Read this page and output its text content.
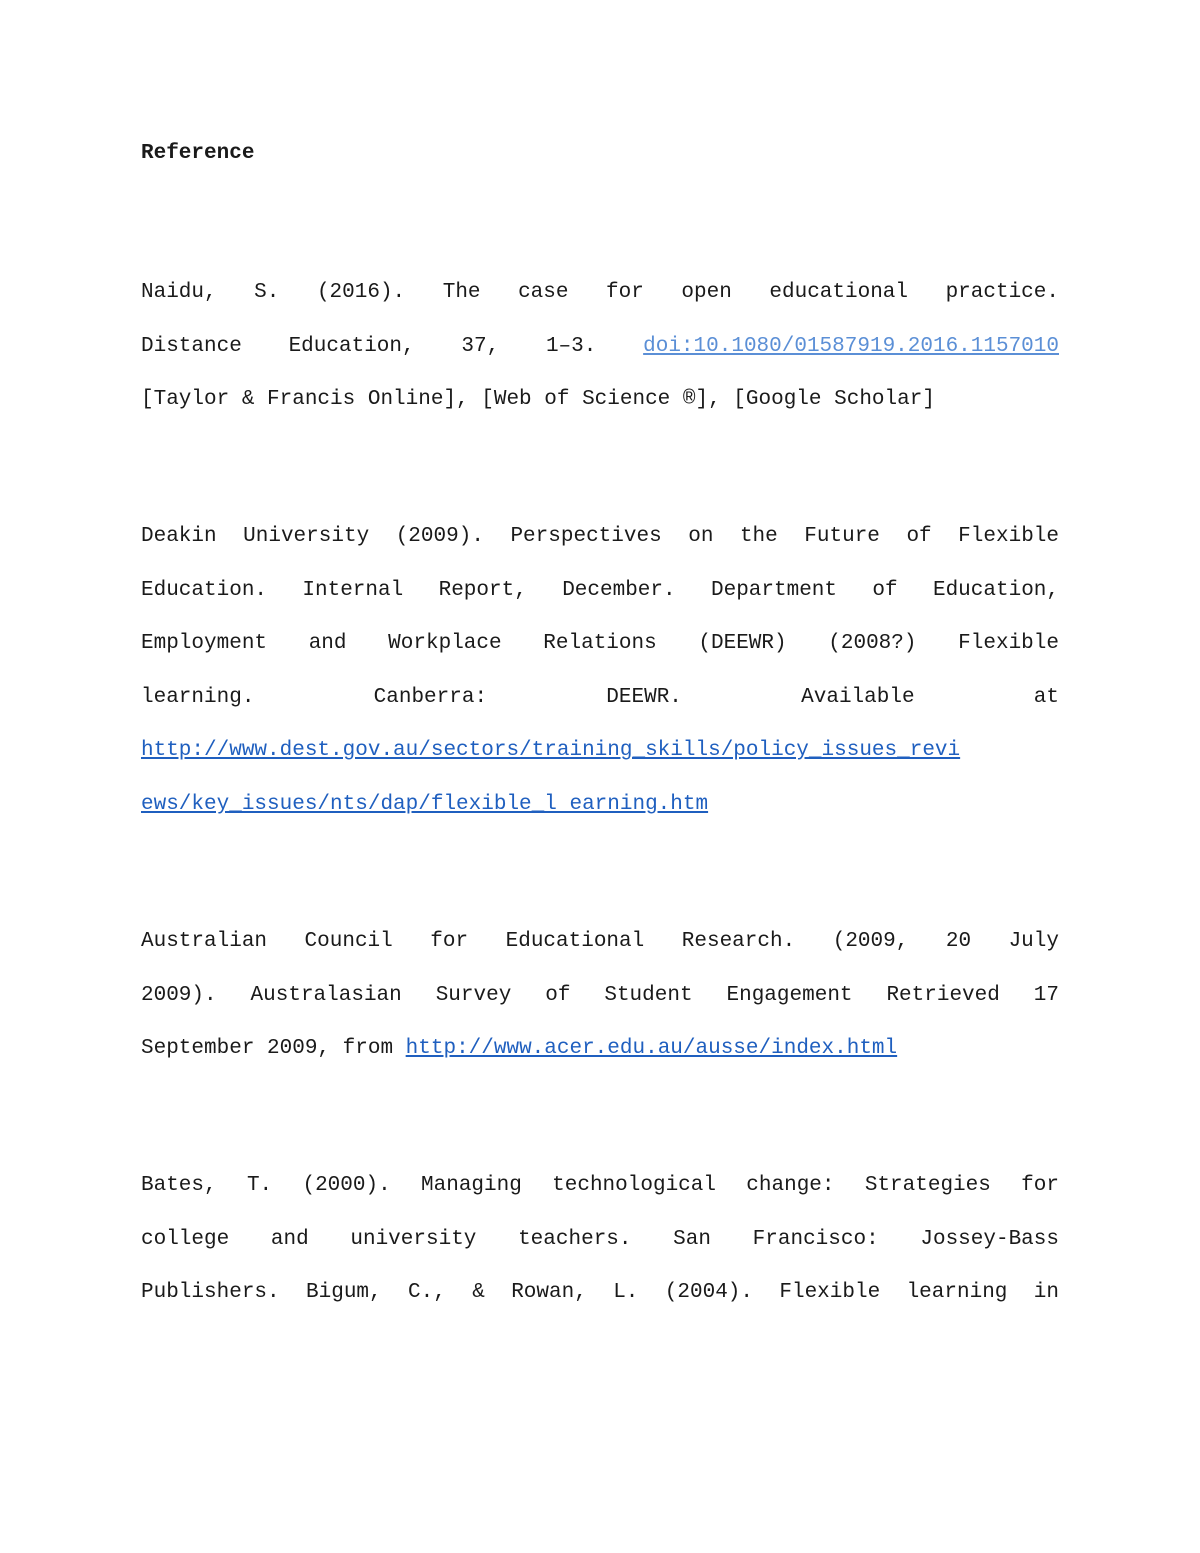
Reference

Naidu, S. (2016). The case for open educational practice.
Distance Education, 37, 1–3. doi:10.1080/01587919.2016.1157010
[Taylor & Francis Online], [Web of Science ®], [Google Scholar]

Deakin University (2009). Perspectives on the Future of Flexible
Education. Internal Report, December. Department of Education,
Employment and Workplace Relations (DEEWR) (2008?) Flexible
learning. Canberra: DEEWR. Available at
http://www.dest.gov.au/sectors/training_skills/policy_issues_revi
ews/key_issues/nts/dap/flexible_l earning.htm

Australian Council for Educational Research. (2009, 20 July
2009). Australasian Survey of Student Engagement Retrieved 17
September 2009, from http://www.acer.edu.au/ausse/index.html

Bates, T. (2000). Managing technological change: Strategies for
college and university teachers. San Francisco: Jossey-Bass
Publishers. Bigum, C., & Rowan, L. (2004). Flexible learning in
